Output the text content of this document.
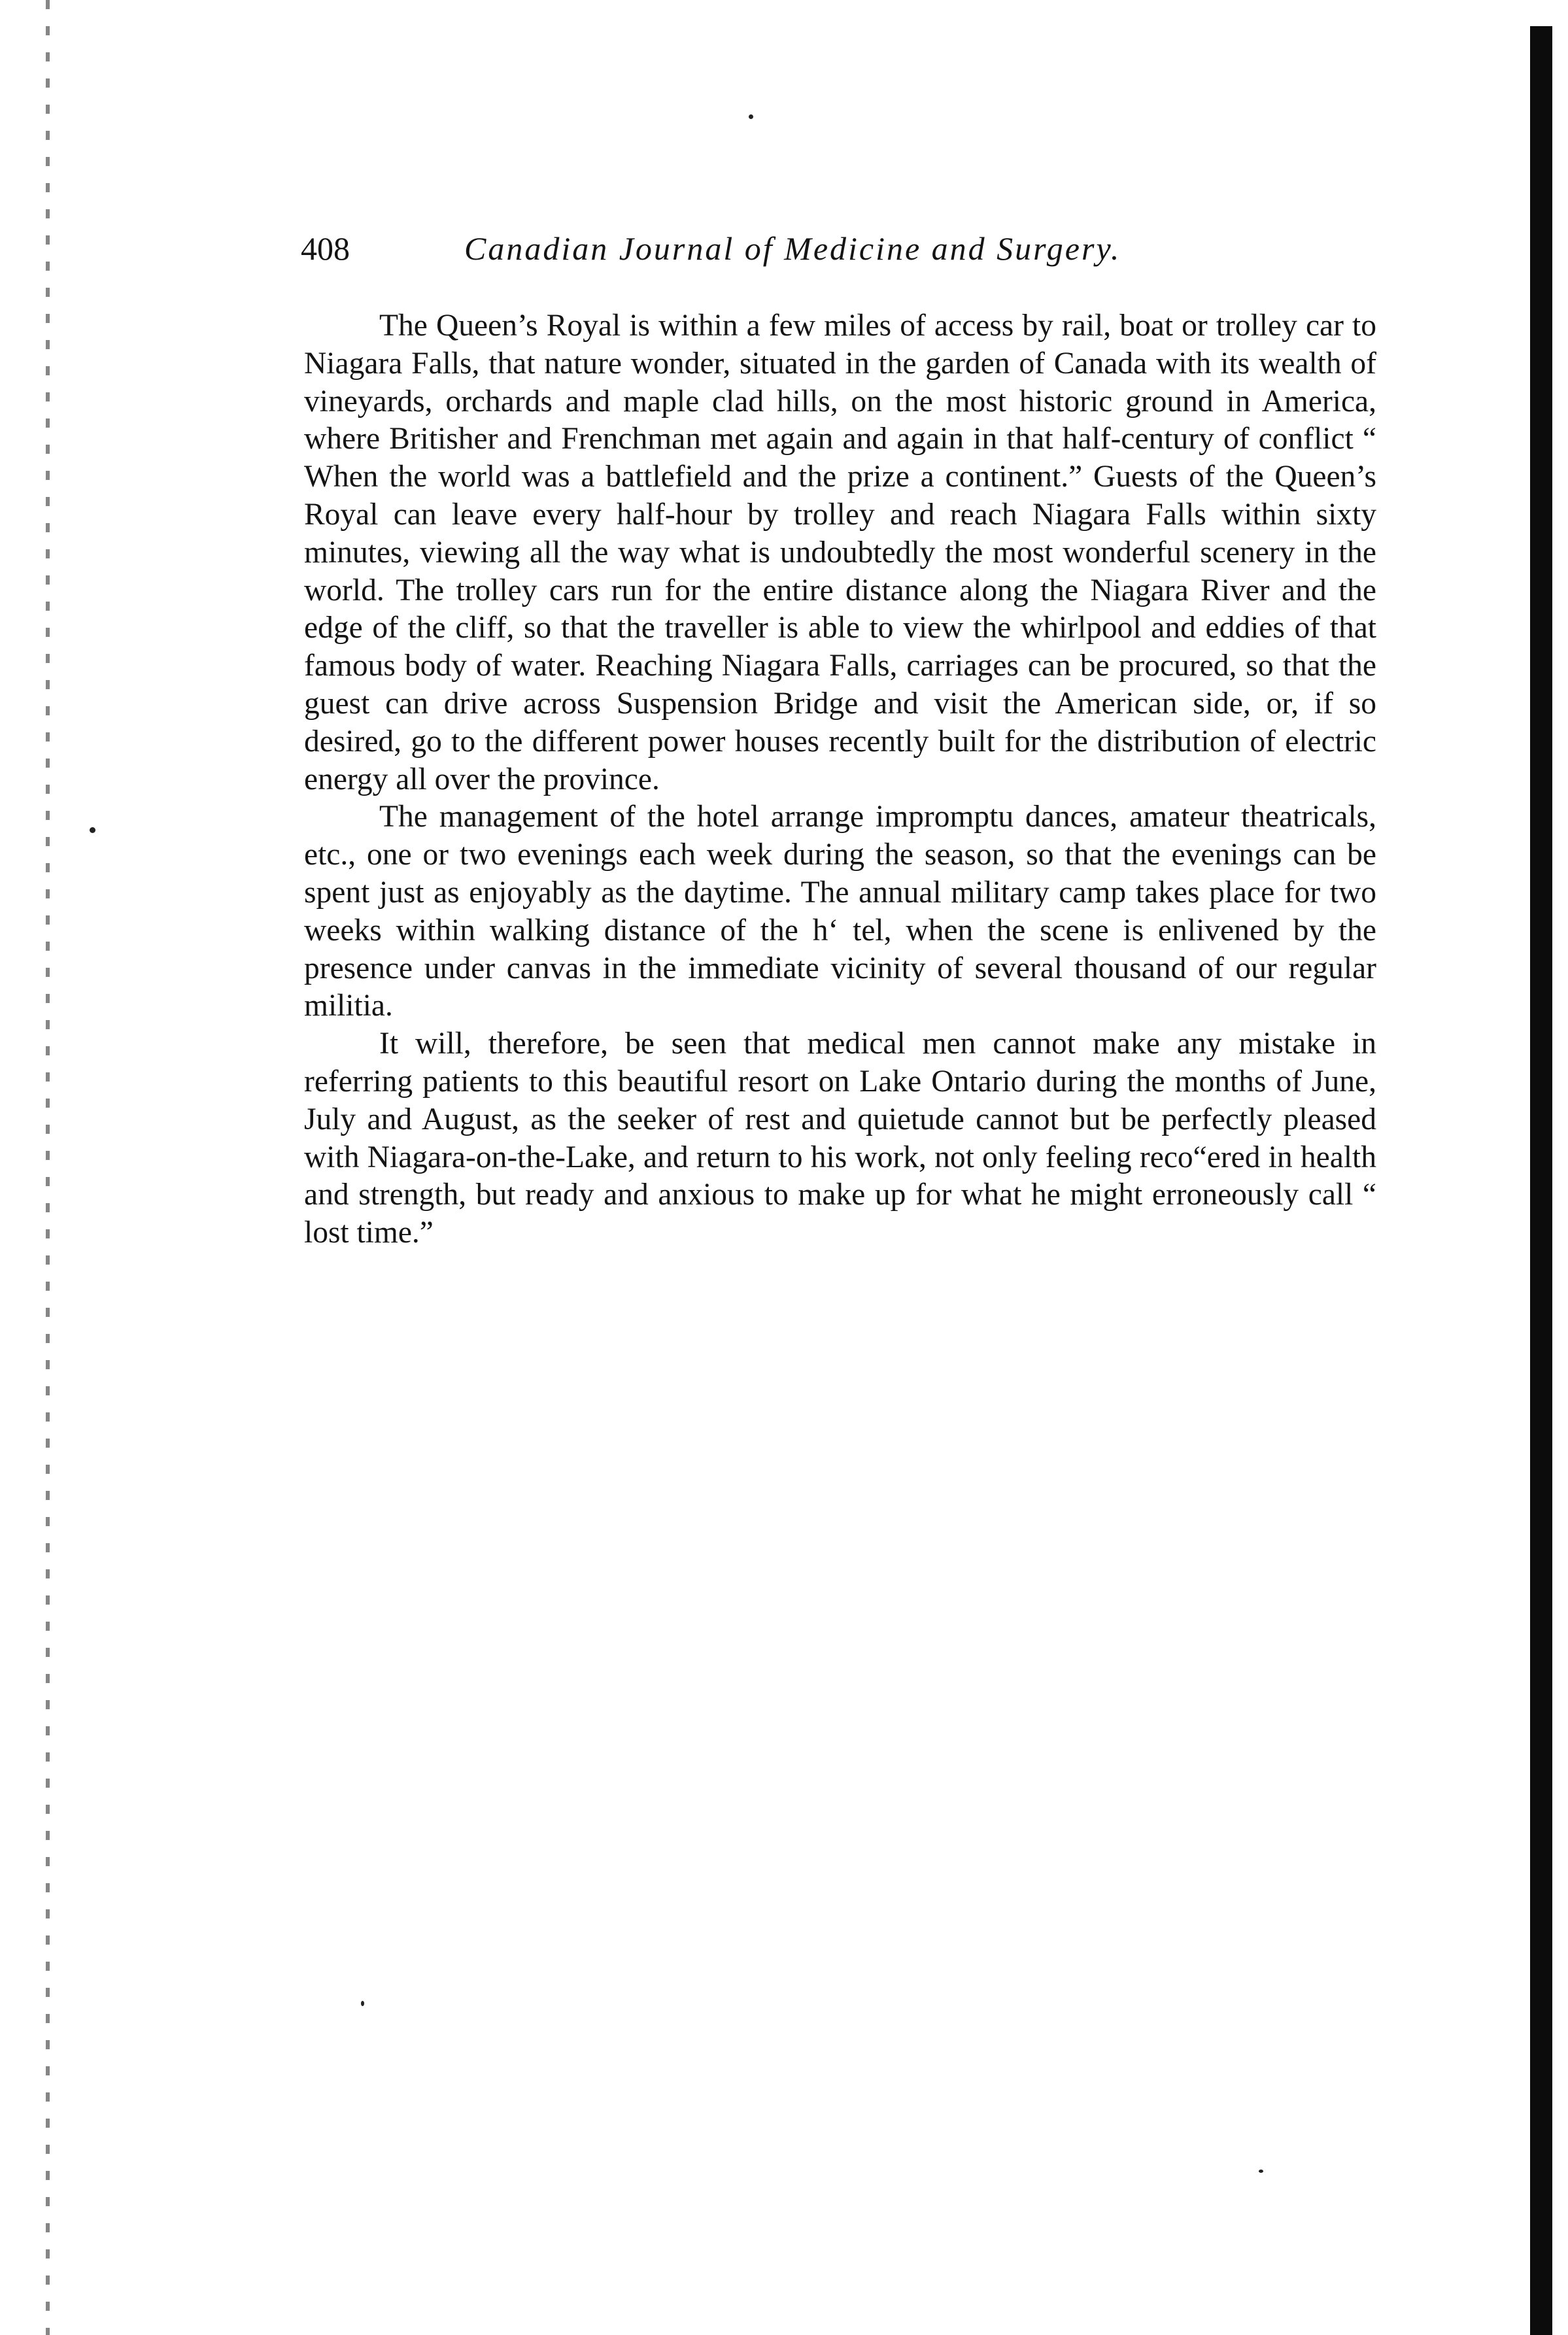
408	Canadian Journal of Medicine and Surgery.

The Queen’s Royal is within a few miles of access by rail, boat or trolley car to Niagara Falls, that nature wonder, situated in the garden of Canada with its wealth of vineyards, orchards and maple clad hills, on the most historic ground in America, where Britisher and Frenchman met again and again in that half-century of conflict “ When the world was a battlefield and the prize a continent.” Guests of the Queen’s Royal can leave every half-hour by trolley and reach Niagara Falls within sixty minutes, viewing all the way what is undoubtedly the most wonderful scenery in the world. The trolley cars run for the entire distance along the Niagara River and the edge of the cliff, so that the traveller is able to view the whirlpool and eddies of that famous body of water. Reaching Niagara Falls, carriages can be procured, so that the guest can drive across Suspension Bridge and visit the American side, or, if so desired, go to the different power houses recently built for the distribution of electric energy all over the province.

The management of the hotel arrange impromptu dances, amateur theatricals, etc., one or two evenings each week during the season, so that the evenings can be spent just as enjoyably as the daytime. The annual military camp takes place for two weeks within walking distance of the h‘ tel, when the scene is enlivened by the presence under canvas in the immediate vicinity of several thousand of our regular militia.

It will, therefore, be seen that medical men cannot make any mistake in referring patients to this beautiful resort on Lake Ontario during the months of June, July and August, as the seeker of rest and quietude cannot but be perfectly pleased with Niagara-on-the-Lake, and return to his work, not only feeling reco“ered in health and strength, but ready and anxious to make up for what he might erroneously call “ lost time.”
